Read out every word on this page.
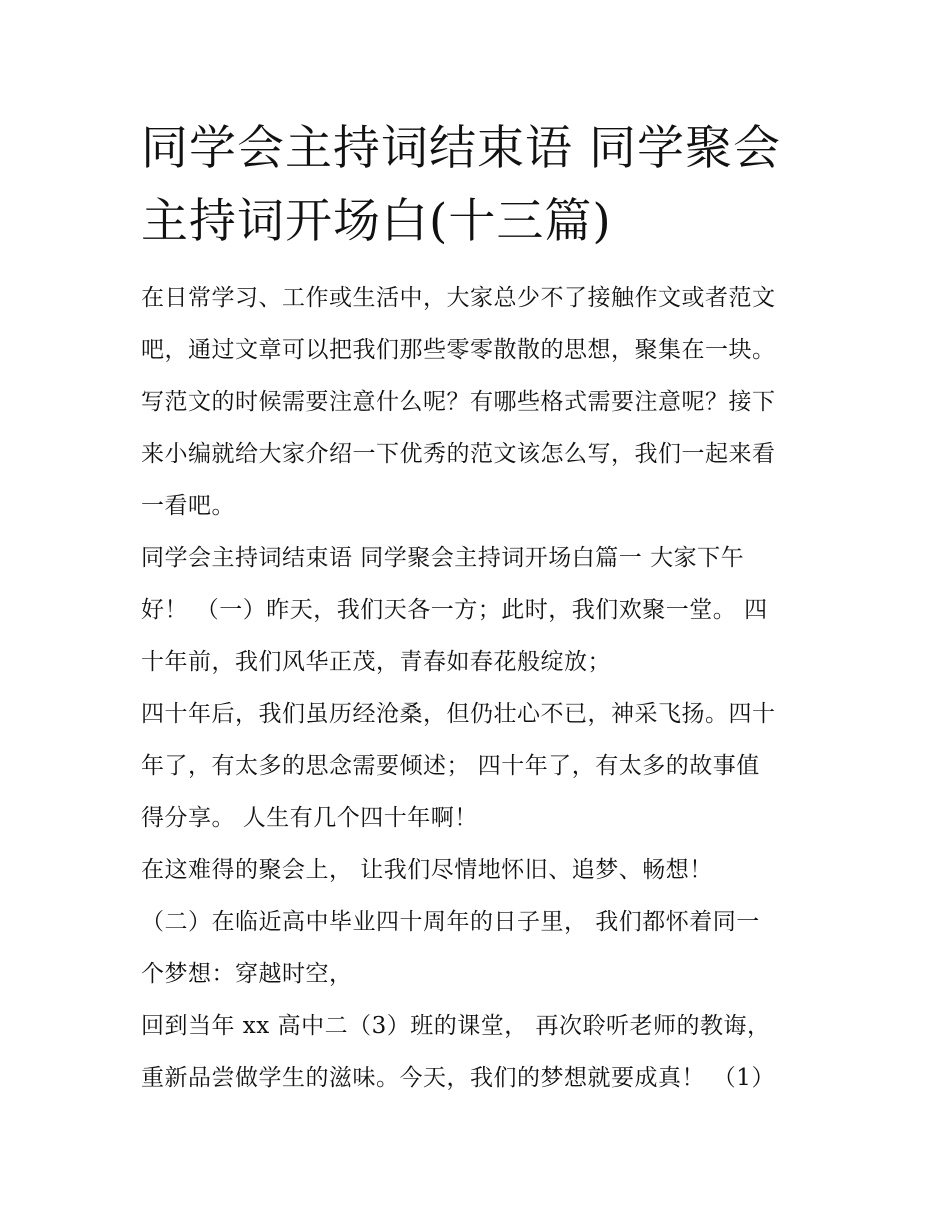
同学会主持词结束语 同学聚会
主持词开场白(十三篇)

在日常学习、工作或生活中，大家总少不了接触作文或者范文
吧，通过文章可以把我们那些零零散散的思想，聚集在一块。
写范文的时候需要注意什么呢？有哪些格式需要注意呢？接下
来小编就给大家介绍一下优秀的范文该怎么写，我们一起来看
一看吧。

同学会主持词结束语 同学聚会主持词开场白篇一 大家下午
好！ （一）昨天，我们天各一方；此时，我们欢聚一堂。 四
十年前，我们风华正茂，青春如春花般绽放；

四十年后，我们虽历经沧桑，但仍壮心不已，神采飞扬。四十
年了，有太多的思念需要倾述； 四十年了，有太多的故事值
得分享。 人生有几个四十年啊！

在这难得的聚会上， 让我们尽情地怀旧、追梦、畅想！

（二）在临近高中毕业四十周年的日子里， 我们都怀着同一
个梦想：穿越时空，

回到当年 xx 高中二（3）班的课堂， 再次聆听老师的教诲，
重新品尝做学生的滋味。今天，我们的梦想就要成真！ （1）
